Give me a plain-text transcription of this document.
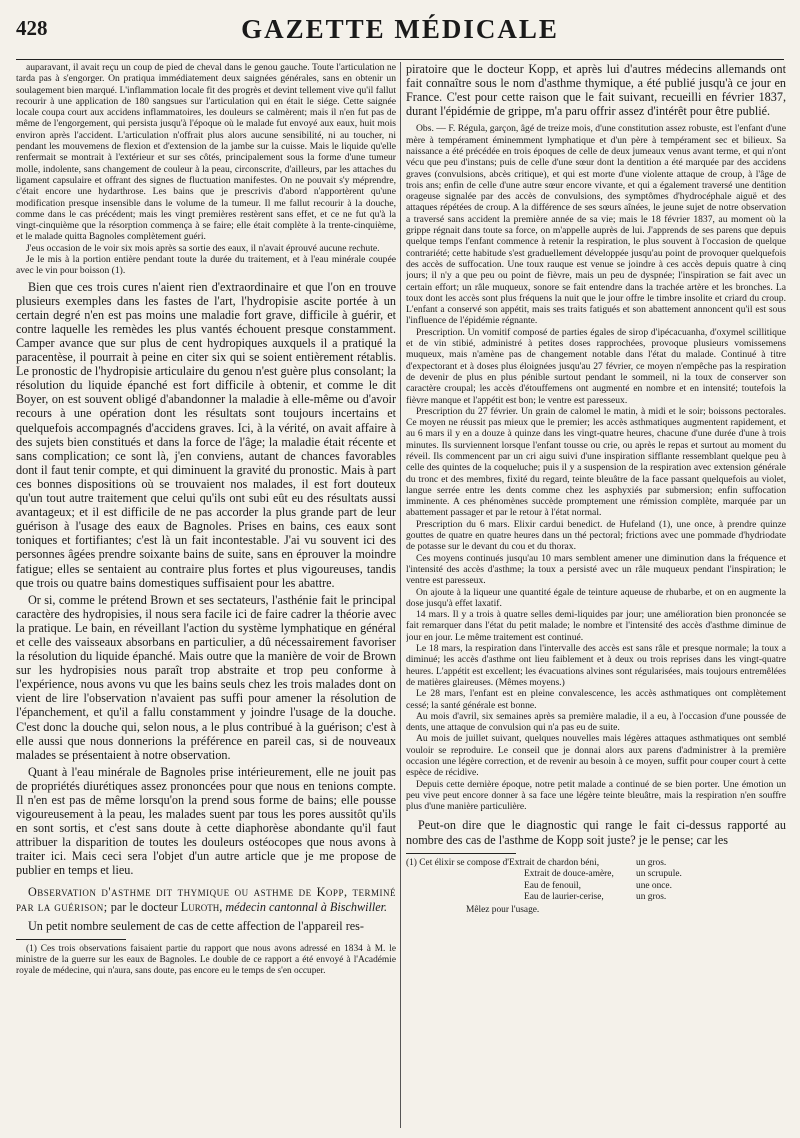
428	GAZETTE MÉDICALE

auparavant, il avait reçu un coup de pied de cheval dans le genou gauche. Toute l'articulation ne tarda pas à s'engorger. On pratiqua immédiatement deux saignées générales, sans en obtenir un soulagement bien marqué. L'inflammation locale fit des progrès et devint tellement vive qu'il fallut recourir à une application de 180 sangsues sur l'articulation qui en était le siége. Cette saignée locale coupa court aux accidens inflammatoires, les douleurs se calmèrent; mais il n'en fut pas de même de l'engorgement, qui persista jusqu'à l'époque où le malade fut envoyé aux eaux, huit mois environ après l'accident. L'articulation n'offrait plus alors aucune sensibilité, ni au toucher, ni pendant les mouvemens de flexion et d'extension de la jambe sur la cuisse. Mais le liquide qu'elle renfermait se montrait à l'extérieur et sur ses côtés, principalement sous la forme d'une tumeur molle, indolente, sans changement de couleur à la peau, circonscrite, d'ailleurs, par les attaches du ligament capsulaire et offrant des signes de fluctuation manifestes. On ne pouvait s'y méprendre, c'était encore une hydarthrose. Les bains que je prescrivis d'abord n'apportèrent qu'une modification presque insensible dans le volume de la tumeur. Il me fallut recourir à la douche, comme dans le cas précédent; mais les vingt premières restèrent sans effet, et ce ne fut qu'à la vingt-cinquième que la résorption commença à se faire; elle était complète à la trente-cinquième, et le malade quitta Bagnoles complètement guéri.

J'eus occasion de le voir six mois après sa sortie des eaux, il n'avait éprouvé aucune rechute.

Je le mis à la portion entière pendant toute la durée du traitement, et à l'eau minérale coupée avec le vin pour boisson (1).

Bien que ces trois cures n'aient rien d'extraordinaire et que l'on en trouve plusieurs exemples dans les fastes de l'art, l'hydropisie ascite portée à un certain degré n'en est pas moins une maladie fort grave, difficile à guérir, et contre laquelle les remèdes les plus vantés échouent presque constamment. Camper avance que sur plus de cent hydropiques auxquels il a pratiqué la paracentèse, il pourrait à peine en citer six qui se soient entièrement rétablis. Le pronostic de l'hydropisie articulaire du genou n'est guère plus consolant; la résolution du liquide épanché est fort difficile à obtenir, et comme le dit Boyer, on est souvent obligé d'abandonner la maladie à elle-même ou d'avoir recours à une opération dont les résultats sont toujours incertains et quelquefois accompagnés d'accidens graves. Ici, à la vérité, on avait affaire à des sujets bien constitués et dans la force de l'âge; la maladie était récente et sans complication; ce sont là, j'en conviens, autant de chances favorables dont il faut tenir compte, et qui diminuent la gravité du pronostic. Mais à part ces bonnes dispositions où se trouvaient nos malades, il est fort douteux qu'un tout autre traitement que celui qu'ils ont subi eût eu des résultats aussi avantageux; et il est difficile de ne pas accorder la plus grande part de leur guérison à l'usage des eaux de Bagnoles. Prises en bains, ces eaux sont toniques et fortifiantes; c'est là un fait incontestable. J'ai vu souvent ici des personnes âgées prendre soixante bains de suite, sans en éprouver la moindre fatigue; elles se sentaient au contraire plus fortes et plus vigoureuses, tandis que trois ou quatre bains domestiques suffisaient pour les abattre.

Or si, comme le prétend Brown et ses sectateurs, l'asthénie fait le principal caractère des hydropisies, il nous sera facile ici de faire cadrer la théorie avec la pratique. Le bain, en réveillant l'action du système lymphatique en général et celle des vaisseaux absorbans en particulier, a dû nécessairement favoriser la résolution du liquide épanché. Mais outre que la manière de voir de Brown sur les hydropisies nous paraît trop abstraite et trop peu conforme à l'expérience, nous avons vu que les bains seuls chez les trois malades dont on vient de lire l'observation n'avaient pas suffi pour amener la résolution de l'épanchement, et qu'il a fallu constamment y joindre l'usage de la douche. C'est donc la douche qui, selon nous, a le plus contribué à la guérison; c'est à elle aussi que nous donnerions la préférence en pareil cas, si de nouveaux malades se présentaient à notre observation.

Quant à l'eau minérale de Bagnoles prise intérieurement, elle ne jouit pas de propriétés diurétiques assez prononcées pour que nous en tenions compte. Il n'en est pas de même lorsqu'on la prend sous forme de bains; elle pousse vigoureusement à la peau, les malades suent par tous les pores aussitôt qu'ils en sont sortis, et c'est sans doute à cette diaphorèse abondante qu'il faut attribuer la disparition de toutes les douleurs ostéocopes que nous avons à traiter ici. Mais ceci sera l'objet d'un autre article que je me propose de publier en temps et lieu.

Observation d'asthme dit thymique ou asthme de Kopp, terminé par la guérison; par le docteur Luroth, médecin cantonnal à Bischwiller.

Un petit nombre seulement de cas de cette affection de l'appareil res-

(1) Ces trois observations faisaient partie du rapport que nous avons adressé en 1834 à M. le ministre de la guerre sur les eaux de Bagnoles. Le double de ce rapport a été envoyé à l'Académie royale de médecine, qui n'aura, sans doute, pas encore eu le temps de s'en occuper.

piratoire que le docteur Kopp, et après lui d'autres médecins allemands ont fait connaître sous le nom d'asthme thymique, a été publié jusqu'à ce jour en France. C'est pour cette raison que le fait suivant, recueilli en février 1837, durant l'épidémie de grippe, m'a paru offrir assez d'intérêt pour être publié.

Obs. — F. Régula, garçon, âgé de treize mois, d'une constitution assez robuste, est l'enfant d'une mère à tempérament éminemment lymphatique et d'un père à tempérament sec et bilieux. Sa naissance a été précédée en trois époques de celle de deux jumeaux venus avant terme, et qui n'ont vécu que peu d'instans; puis de celle d'une sœur dont la dentition a été marquée par des accidens graves (convulsions, abcès critique), et qui est morte d'une violente attaque de croup, à l'âge de trois ans; enfin de celle d'une autre sœur encore vivante, et qui a également traversé une dentition orageuse signalée par des accès de convulsions, des symptômes d'hydrocéphale aiguë et des attaques répétées de croup. A la différence de ses sœurs aînées, le jeune sujet de notre observation a traversé sans accident la première année de sa vie; mais le 18 février 1837, au moment où la grippe régnait dans toute sa force, on m'appelle auprès de lui. J'apprends de ses parens que depuis quelque temps l'enfant commence à retenir la respiration, le plus souvent à l'occasion de quelque contrariété; cette habitude s'est graduellement développée jusqu'au point de provoquer quelquefois des accès de suffocation. Une toux rauque est venue se joindre à ces accès depuis quatre à cinq jours; il n'y a que peu ou point de fièvre, mais un peu de dyspnée; l'inspiration se fait avec un certain effort; un râle muqueux, sonore se fait entendre dans la trachée artère et les bronches. La toux dont les accès sont plus fréquens la nuit que le jour offre le timbre insolite et criard du croup. L'enfant a conservé son appétit, mais ses traits fatigués et son abattement annoncent qu'il est sous l'influence de l'épidémie régnante.

Prescription. Un vomitif composé de parties égales de sirop d'ipécacuanha, d'oxymel scillitique et de vin stibié, administré à petites doses rapprochées, provoque plusieurs vomissemens muqueux, mais n'amène pas de changement notable dans l'état du malade. Continué à titre d'expectorant et à doses plus éloignées jusqu'au 27 février, ce moyen n'empêche pas la respiration de devenir de plus en plus pénible surtout pendant le sommeil, ni la toux de conserver son caractère croupal; les accès d'étouffemens ont augmenté en nombre et en intensité; toutefois la fièvre manque et l'appétit est bon; le ventre est paresseux.

Prescription du 27 février. Un grain de calomel le matin, à midi et le soir; boissons pectorales. Ce moyen ne réussit pas mieux que le premier; les accès asthmatiques augmentent rapidement, et au 6 mars il y en a douze à quinze dans les vingt-quatre heures, chacune d'une durée d'une à trois minutes. Ils surviennent lorsque l'enfant tousse ou crie, ou après le repas et surtout au moment du réveil. Ils commencent par un cri aigu suivi d'une inspiration sifflante ressemblant quelque peu à celle des quintes de la coqueluche; puis il y a suspension de la respiration avec extension générale du tronc et des membres, fixité du regard, teinte bleuâtre de la face passant quelquefois au violet, langue serrée entre les dents comme chez les asphyxiés par submersion; enfin suffocation imminente. A ces phénomènes succède promptement une rémission complète, marquée par un abattement passager et par le retour à l'état normal.

Prescription du 6 mars. Elixir cardui benedict. de Hufeland (1), une once, à prendre quinze gouttes de quatre en quatre heures dans un thé pectoral; frictions avec une pommade d'hydriodate de potasse sur le devant du cou et du thorax.

Ces moyens continués jusqu'au 10 mars semblent amener une diminution dans la fréquence et l'intensité des accès d'asthme; la toux a persisté avec un râle muqueux pendant l'inspiration; le ventre est paresseux.

On ajoute à la liqueur une quantité égale de teinture aqueuse de rhubarbe, et on en augmente la dose jusqu'à effet laxatif.

14 mars. Il y a trois à quatre selles demi-liquides par jour; une amélioration bien prononcée se fait remarquer dans l'état du petit malade; le nombre et l'intensité des accès d'asthme diminue de jour en jour. Le même traitement est continué.

Le 18 mars, la respiration dans l'intervalle des accès est sans râle et presque normale; la toux a diminué; les accès d'asthme ont lieu faiblement et à deux ou trois reprises dans les vingt-quatre heures. L'appétit est excellent; les évacuations alvines sont régularisées, mais toujours entremêlées de matières glaireuses. (Mêmes moyens.)

Le 28 mars, l'enfant est en pleine convalescence, les accès asthmatiques ont complètement cessé; la santé générale est bonne.

Au mois d'avril, six semaines après sa première maladie, il a eu, à l'occasion d'une poussée de dents, une attaque de convulsion qui n'a pas eu de suite.

Au mois de juillet suivant, quelques nouvelles mais légères attaques asthmatiques ont semblé vouloir se reproduire. Le conseil que je donnai alors aux parens d'administrer à la première occasion une légère correction, et de revenir au besoin à ce moyen, suffit pour couper court à cette espèce de récidive.

Depuis cette dernière époque, notre petit malade a continué de se bien porter. Une émotion un peu vive peut encore donner à sa face une légère teinte bleuâtre, mais la respiration n'en souffre plus d'une manière particulière.

Peut-on dire que le diagnostic qui range le fait ci-dessus rapporté au nombre des cas de l'asthme de Kopp soit juste? je le pense; car les

(1) Cet élixir se compose d'Extrait de chardon béni,	un gros.
Extrait de douce-amère,	un scrupule.
Eau de fenouil,	une once.
Eau de laurier-cerise,	un gros.

Mêlez pour l'usage.
